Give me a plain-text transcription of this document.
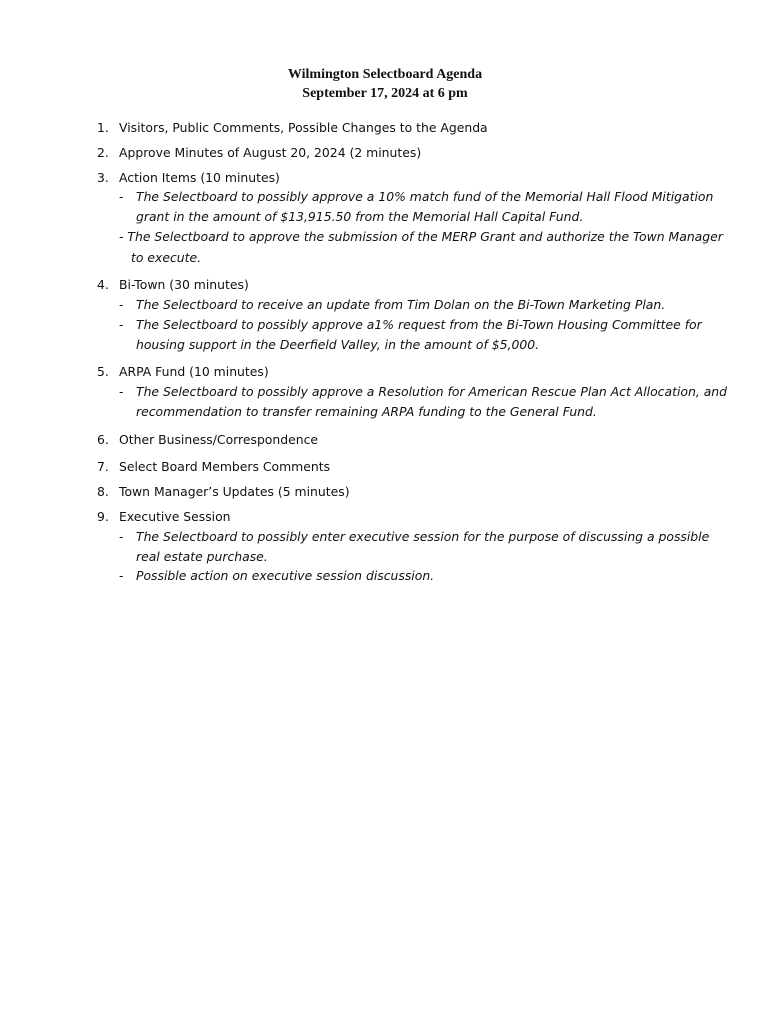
Wilmington Selectboard Agenda
September 17, 2024 at 6 pm
1. Visitors, Public Comments, Possible Changes to the Agenda
2. Approve Minutes of August 20, 2024 (2 minutes)
3. Action Items (10 minutes)
- The Selectboard to possibly approve a 10% match fund of the Memorial Hall Flood Mitigation
grant in the amount of $13,915.50 from the Memorial Hall Capital Fund.
- The Selectboard to approve the submission of the MERP Grant and authorize the Town Manager
to execute.
4. Bi-Town (30 minutes)
- The Selectboard to receive an update from Tim Dolan on the Bi-Town Marketing Plan.
- The Selectboard to possibly approve a1% request from the Bi-Town Housing Committee for
housing support in the Deerfield Valley, in the amount of $5,000.
5. ARPA Fund (10 minutes)
- The Selectboard to possibly approve a Resolution for American Rescue Plan Act Allocation, and
recommendation to transfer remaining ARPA funding to the General Fund.
6. Other Business/Correspondence
7. Select Board Members Comments
8. Town Manager’s Updates (5 minutes)
9. Executive Session
- The Selectboard to possibly enter executive session for the purpose of discussing a possible
real estate purchase.
- Possible action on executive session discussion.
